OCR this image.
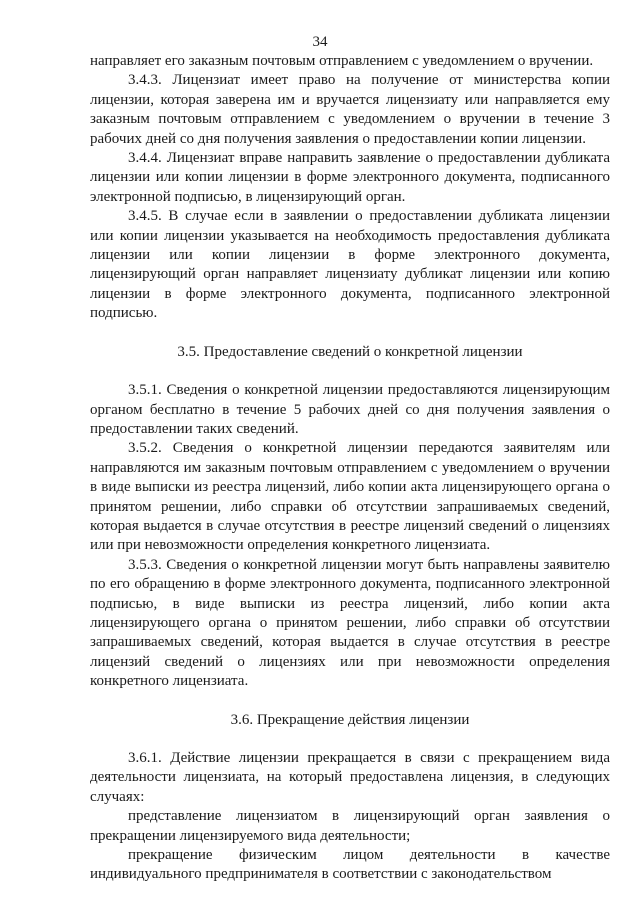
34

направляет его заказным почтовым отправлением с уведомлением о вручении.

3.4.3. Лицензиат имеет право на получение от министерства копии лицензии, которая заверена им и вручается лицензиату или направляется ему заказным почтовым отправлением с уведомлением о вручении в течение 3 рабочих дней со дня получения заявления о предоставлении копии лицензии.

3.4.4. Лицензиат вправе направить заявление о предоставлении дубликата лицензии или копии лицензии в форме электронного документа, подписанного электронной подписью, в лицензирующий орган.

3.4.5. В случае если в заявлении о предоставлении дубликата лицензии или копии лицензии указывается на необходимость предоставления дубликата лицензии или копии лицензии в форме электронного документа, лицензирующий орган направляет лицензиату дубликат лицензии или копию лицензии в форме электронного документа, подписанного электронной подписью.

3.5. Предоставление сведений о конкретной лицензии

3.5.1. Сведения о конкретной лицензии предоставляются лицензирующим органом бесплатно в течение 5 рабочих дней со дня получения заявления о предоставлении таких сведений.

3.5.2. Сведения о конкретной лицензии передаются заявителям или направляются им заказным почтовым отправлением с уведомлением о вручении в виде выписки из реестра лицензий, либо копии акта лицензирующего органа о принятом решении, либо справки об отсутствии запрашиваемых сведений, которая выдается в случае отсутствия в реестре лицензий сведений о лицензиях или при невозможности определения конкретного лицензиата.

3.5.3. Сведения о конкретной лицензии могут быть направлены заявителю по его обращению в форме электронного документа, подписанного электронной подписью, в виде выписки из реестра лицензий, либо копии акта лицензирующего органа о принятом решении, либо справки об отсутствии запрашиваемых сведений, которая выдается в случае отсутствия в реестре лицензий сведений о лицензиях или при невозможности определения конкретного лицензиата.

3.6. Прекращение действия лицензии

3.6.1. Действие лицензии прекращается в связи с прекращением вида деятельности лицензиата, на который предоставлена лицензия, в следующих случаях:

представление лицензиатом в лицензирующий орган заявления о прекращении лицензируемого вида деятельности;

прекращение физическим лицом деятельности в качестве индивидуального предпринимателя в соответствии с законодательством
